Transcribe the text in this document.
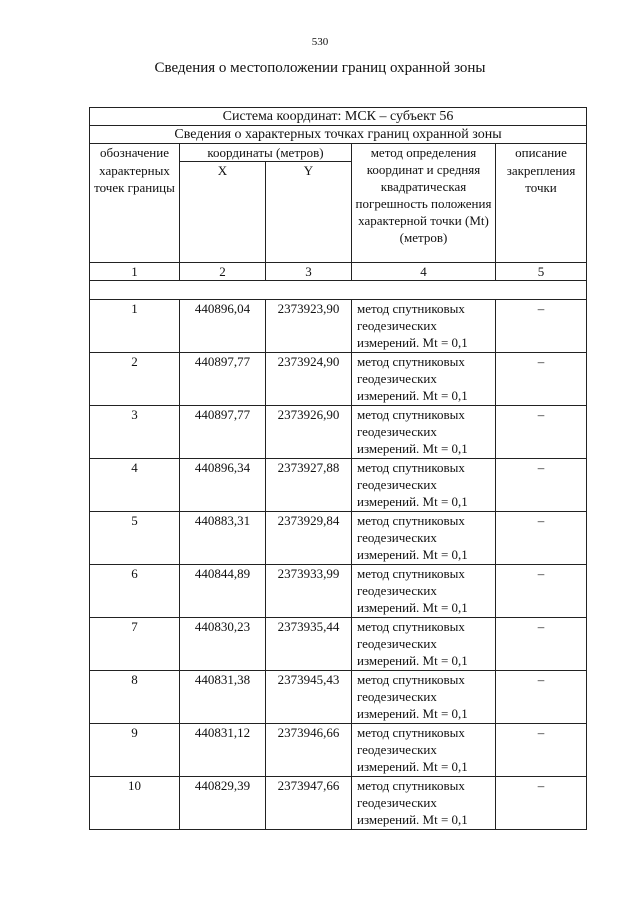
530
Сведения о местоположении границ охранной зоны
Система координат: МСК – субъект 56				
Сведения о характерных точках границ охранной зоны				
обозначение	координаты (метров)		метод определения координат и средняя квадратическая погрешность положения характерной точки (Mt) (метров)	описание
характерных точек границы	X	Y		закрепления точки
1	2	3	4	5

1	440896,04	2373923,90	метод спутниковых геодезических измерений. Mt = 0,1	–
2	440897,77	2373924,90	метод спутниковых геодезических измерений. Mt = 0,1	–
3	440897,77	2373926,90	метод спутниковых геодезических измерений. Mt = 0,1	–
4	440896,34	2373927,88	метод спутниковых геодезических измерений. Mt = 0,1	–
5	440883,31	2373929,84	метод спутниковых геодезических измерений. Mt = 0,1	–
6	440844,89	2373933,99	метод спутниковых геодезических измерений. Mt = 0,1	–
7	440830,23	2373935,44	метод спутниковых геодезических измерений. Mt = 0,1	–
8	440831,38	2373945,43	метод спутниковых геодезических измерений. Mt = 0,1	–
9	440831,12	2373946,66	метод спутниковых геодезических измерений. Mt = 0,1	–
10	440829,39	2373947,66	метод спутниковых геодезических измерений. Mt = 0,1	–
